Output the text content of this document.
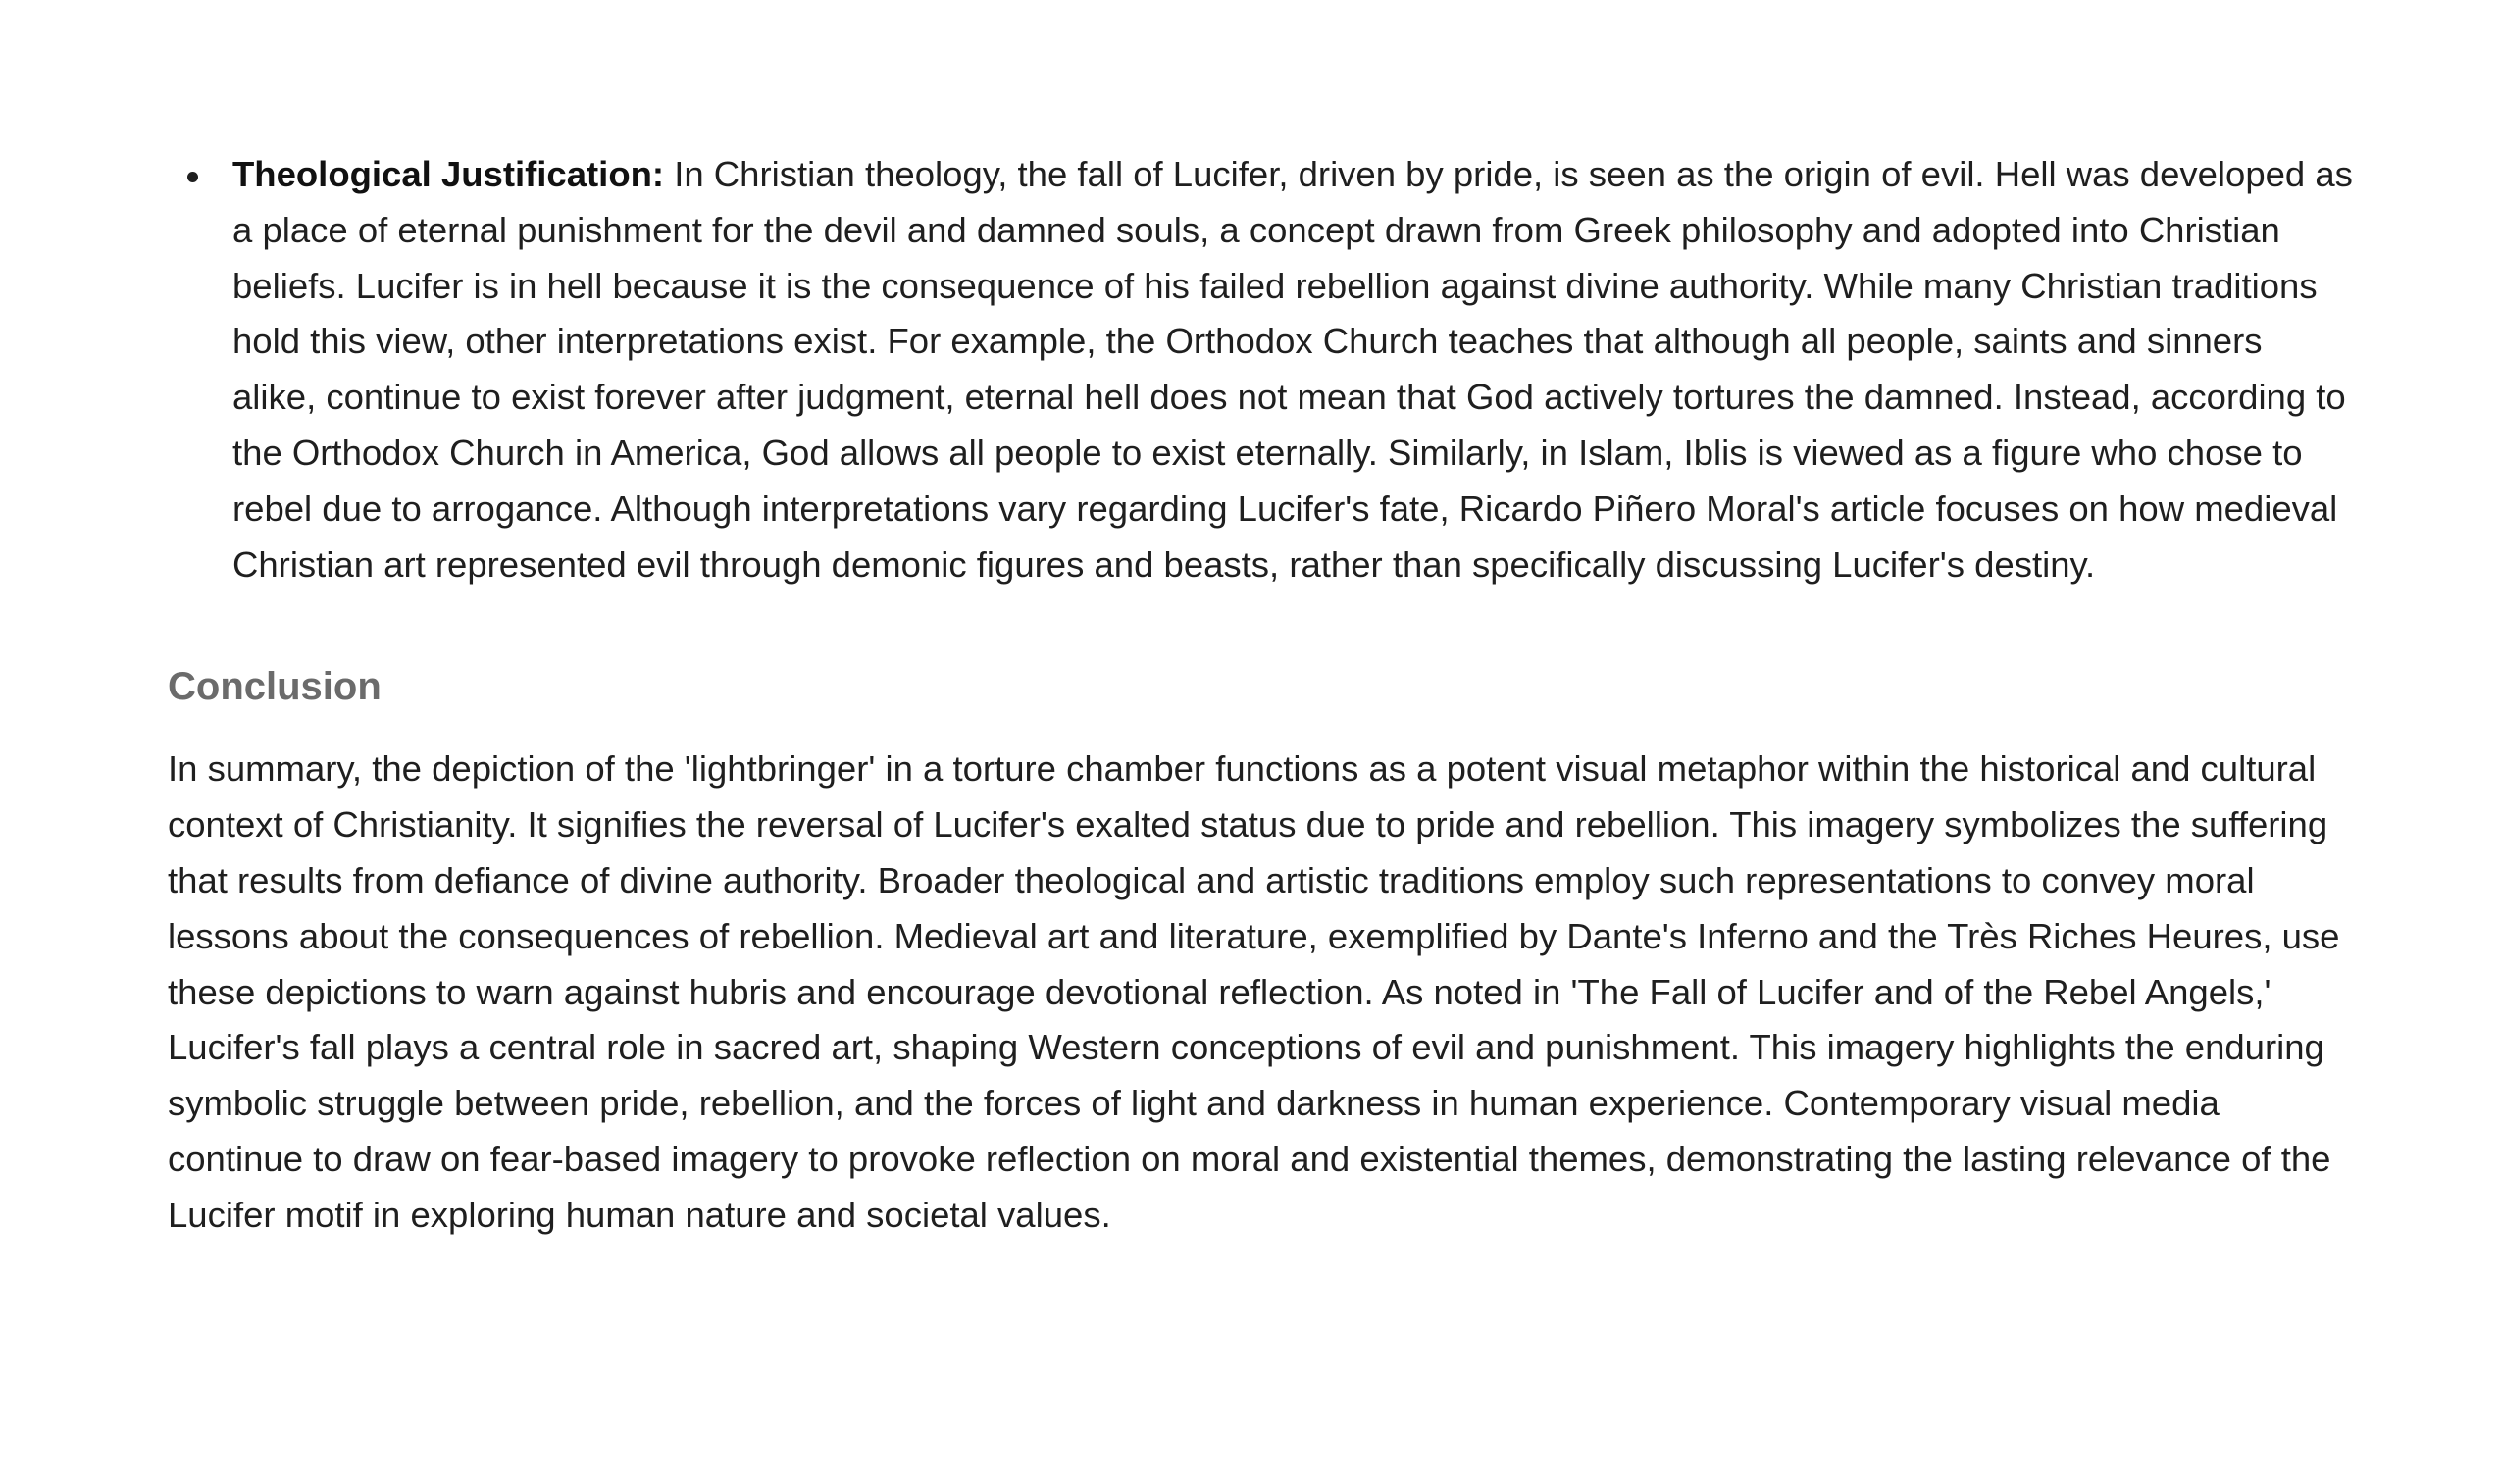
Theological Justification: In Christian theology, the fall of Lucifer, driven by pride, is seen as the origin of evil. Hell was developed as a place of eternal punishment for the devil and damned souls, a concept drawn from Greek philosophy and adopted into Christian beliefs. Lucifer is in hell because it is the consequence of his failed rebellion against divine authority. While many Christian traditions hold this view, other interpretations exist. For example, the Orthodox Church teaches that although all people, saints and sinners alike, continue to exist forever after judgment, eternal hell does not mean that God actively tortures the damned. Instead, according to the Orthodox Church in America, God allows all people to exist eternally. Similarly, in Islam, Iblis is viewed as a figure who chose to rebel due to arrogance. Although interpretations vary regarding Lucifer's fate, Ricardo Piñero Moral's article focuses on how medieval Christian art represented evil through demonic figures and beasts, rather than specifically discussing Lucifer's destiny.
Conclusion

In summary, the depiction of the 'lightbringer' in a torture chamber functions as a potent visual metaphor within the historical and cultural context of Christianity. It signifies the reversal of Lucifer's exalted status due to pride and rebellion. This imagery symbolizes the suffering that results from defiance of divine authority. Broader theological and artistic traditions employ such representations to convey moral lessons about the consequences of rebellion. Medieval art and literature, exemplified by Dante's Inferno and the Très Riches Heures, use these depictions to warn against hubris and encourage devotional reflection. As noted in 'The Fall of Lucifer and of the Rebel Angels,' Lucifer's fall plays a central role in sacred art, shaping Western conceptions of evil and punishment. This imagery highlights the enduring symbolic struggle between pride, rebellion, and the forces of light and darkness in human experience. Contemporary visual media continue to draw on fear-based imagery to provoke reflection on moral and existential themes, demonstrating the lasting relevance of the Lucifer motif in exploring human nature and societal values.
